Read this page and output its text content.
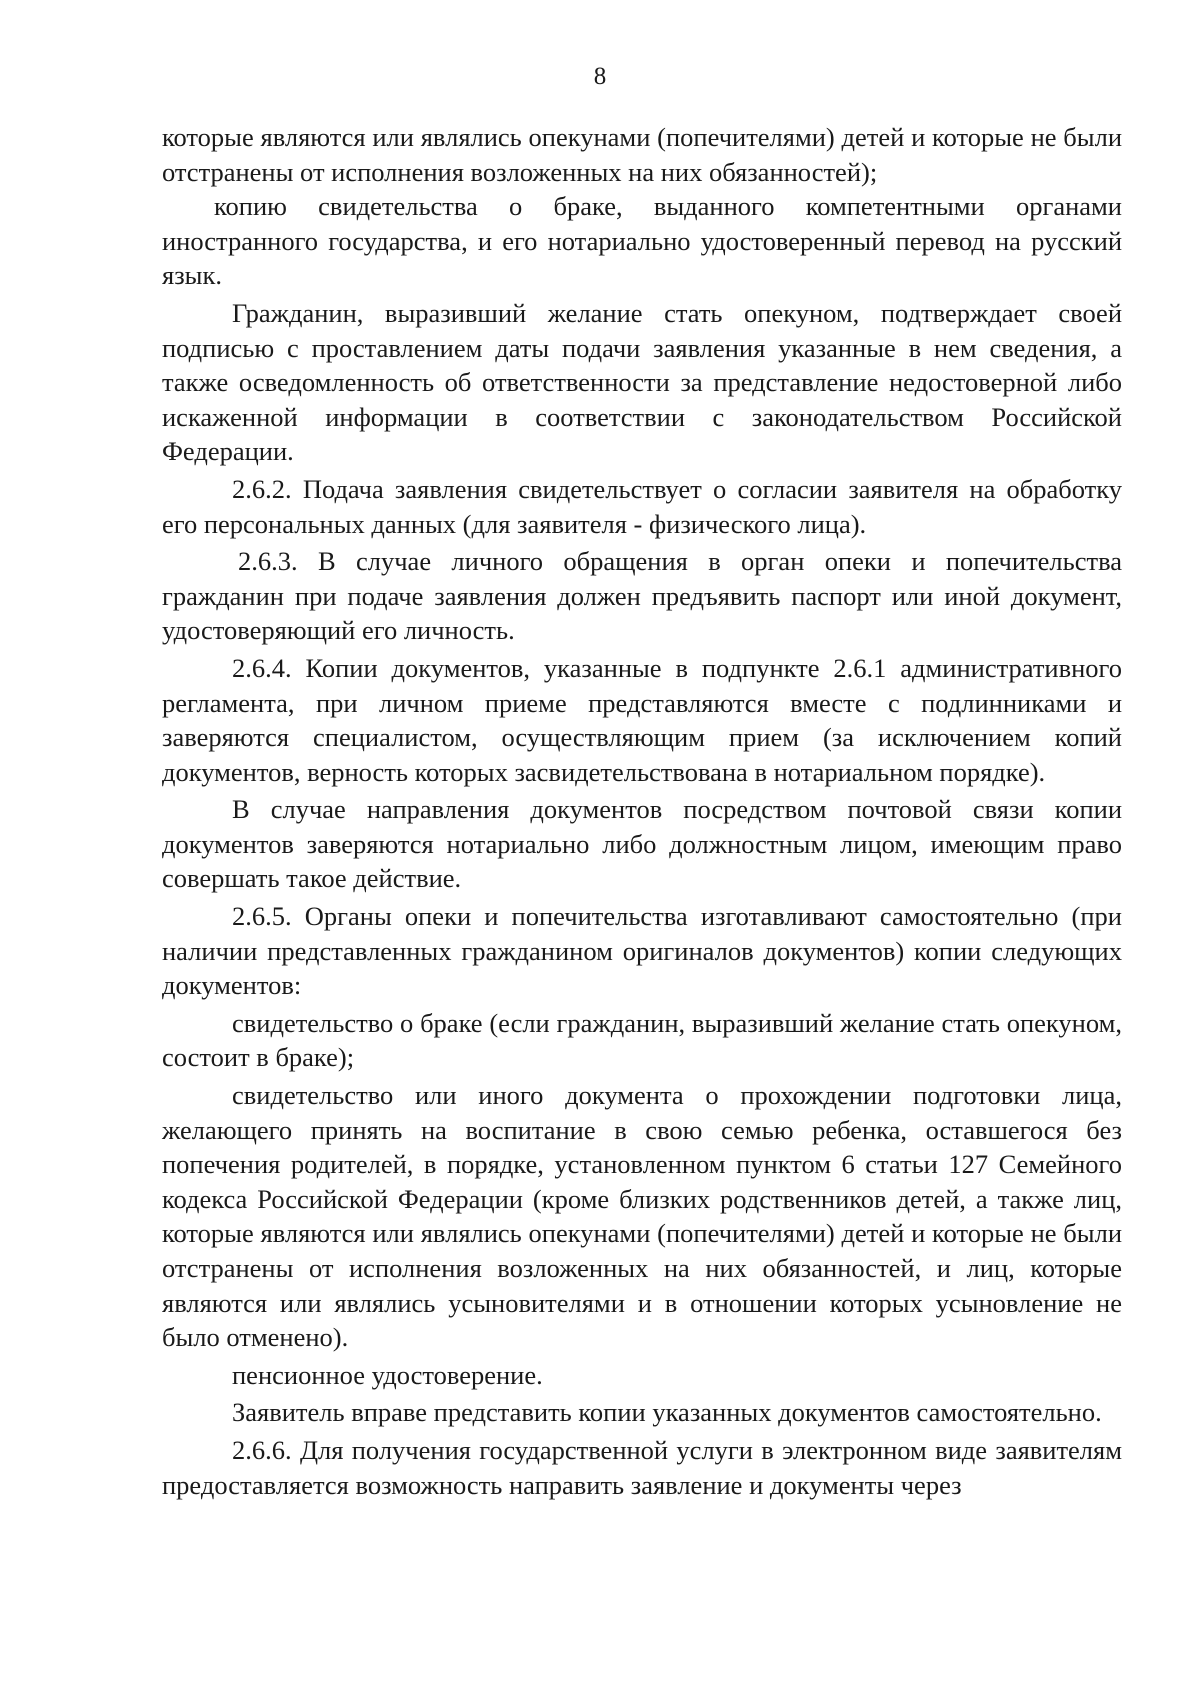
8

которые являются или являлись опекунами (попечителями) детей и которые не были отстранены от исполнения возложенных на них обязанностей);

копию свидетельства о браке, выданного компетентными органами иностранного государства, и его нотариально удостоверенный перевод на русский язык.

Гражданин, выразивший желание стать опекуном, подтверждает своей подписью с проставлением даты подачи заявления указанные в нем сведения, а также осведомленность об ответственности за представление недостоверной либо искаженной информации в соответствии с законодательством Российской Федерации.

2.6.2. Подача заявления свидетельствует о согласии заявителя на обработку его персональных данных (для заявителя - физического лица).

2.6.3. В случае личного обращения в орган опеки и попечительства гражданин при подаче заявления должен предъявить паспорт или иной документ, удостоверяющий его личность.

2.6.4. Копии документов, указанные в подпункте 2.6.1 административного регламента, при личном приеме представляются вместе с подлинниками и заверяются специалистом, осуществляющим прием (за исключением копий документов, верность которых засвидетельствована в нотариальном порядке).

В случае направления документов посредством почтовой связи копии документов заверяются нотариально либо должностным лицом, имеющим право совершать такое действие.

2.6.5. Органы опеки и попечительства изготавливают самостоятельно (при наличии представленных гражданином оригиналов документов) копии следующих документов:

свидетельство о браке (если гражданин, выразивший желание стать опекуном, состоит в браке);

свидетельство или иного документа о прохождении подготовки лица, желающего принять на воспитание в свою семью ребенка, оставшегося без попечения родителей, в порядке, установленном пунктом 6 статьи 127 Семейного кодекса Российской Федерации (кроме близких родственников детей, а также лиц, которые являются или являлись опекунами (попечителями) детей и которые не были отстранены от исполнения возложенных на них обязанностей, и лиц, которые являются или являлись усыновителями и в отношении которых усыновление не было отменено).

пенсионное удостоверение.

Заявитель вправе представить копии указанных документов самостоятельно.

2.6.6. Для получения государственной услуги в электронном виде заявителям предоставляется возможность направить заявление и документы через
